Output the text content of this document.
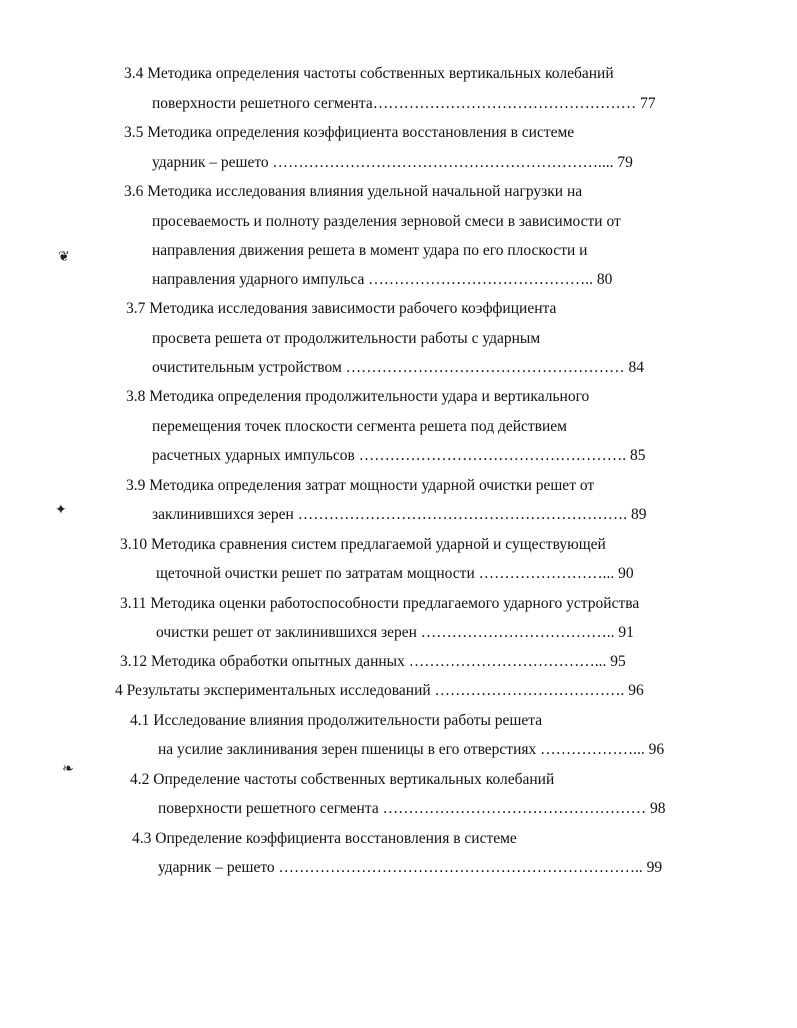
3.4 Методика определения частоты собственных вертикальных колебаний
поверхности решетного сегмента…………………………………………… 77
3.5 Методика определения коэффициента восстановления в системе
ударник – решето ……………………………………………………….... 79
3.6 Методика исследования влияния удельной начальной нагрузки на
просеваемость и полноту разделения зерновой смеси в зависимости от
направления движения решета в момент удара по его плоскости и
направления ударного импульса …………………………………….. 80
3.7 Методика исследования зависимости рабочего коэффициента
просвета решета от продолжительности работы с ударным
очистительным устройством ……………………………………………… 84
3.8 Методика определения продолжительности удара и вертикального
перемещения точек плоскости сегмента решета под действием
расчетных ударных импульсов ……………………………………………. 85
3.9 Методика определения затрат мощности ударной очистки решет от
заклинившихся зерен ………………………………………………………. 89
3.10 Методика сравнения систем предлагаемой ударной и существующей
щеточной очистки решет по затратам мощности ……………………... 90
3.11 Методика оценки работоспособности предлагаемого ударного устройства
очистки решет от заклинившихся зерен ……………………………….. 91
3.12 Методика обработки опытных данных ………………………………... 95
4 Результаты экспериментальных исследований ………………………………. 96
4.1 Исследование влияния продолжительности работы решета
на усилие заклинивания зерен пшеницы в его отверстиях ………………... 96
4.2 Определение частоты собственных вертикальных колебаний
поверхности решетного сегмента …………………………………………… 98
4.3 Определение коэффициента восстановления в системе
ударник – решето …………………………………………………………….. 99
❦
✦
❧
